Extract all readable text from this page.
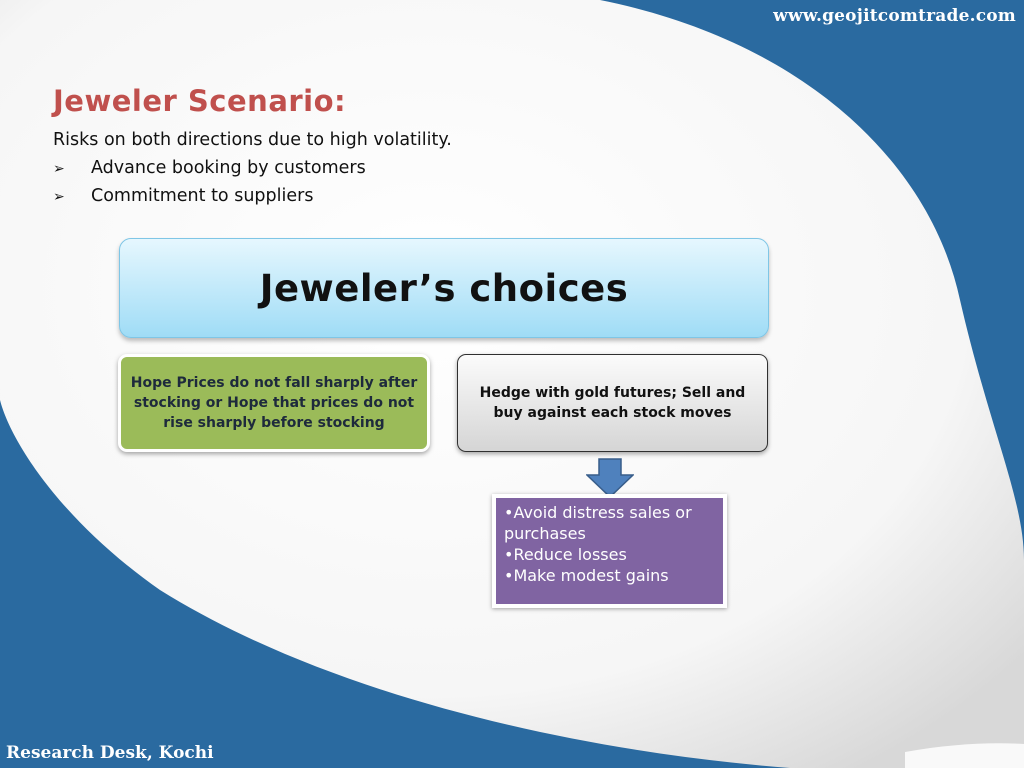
www.geojitcomtrade.com
Jeweler Scenario:
Risks on both directions due to high volatility.
➢ Advance booking by customers
➢ Commitment to suppliers
Jeweler’s choices
Hope Prices do not fall sharply after stocking or Hope that prices do not rise sharply before stocking
Hedge with gold futures; Sell and buy against each stock moves
•Avoid distress sales or purchases
•Reduce losses
•Make modest gains
Research Desk, Kochi
